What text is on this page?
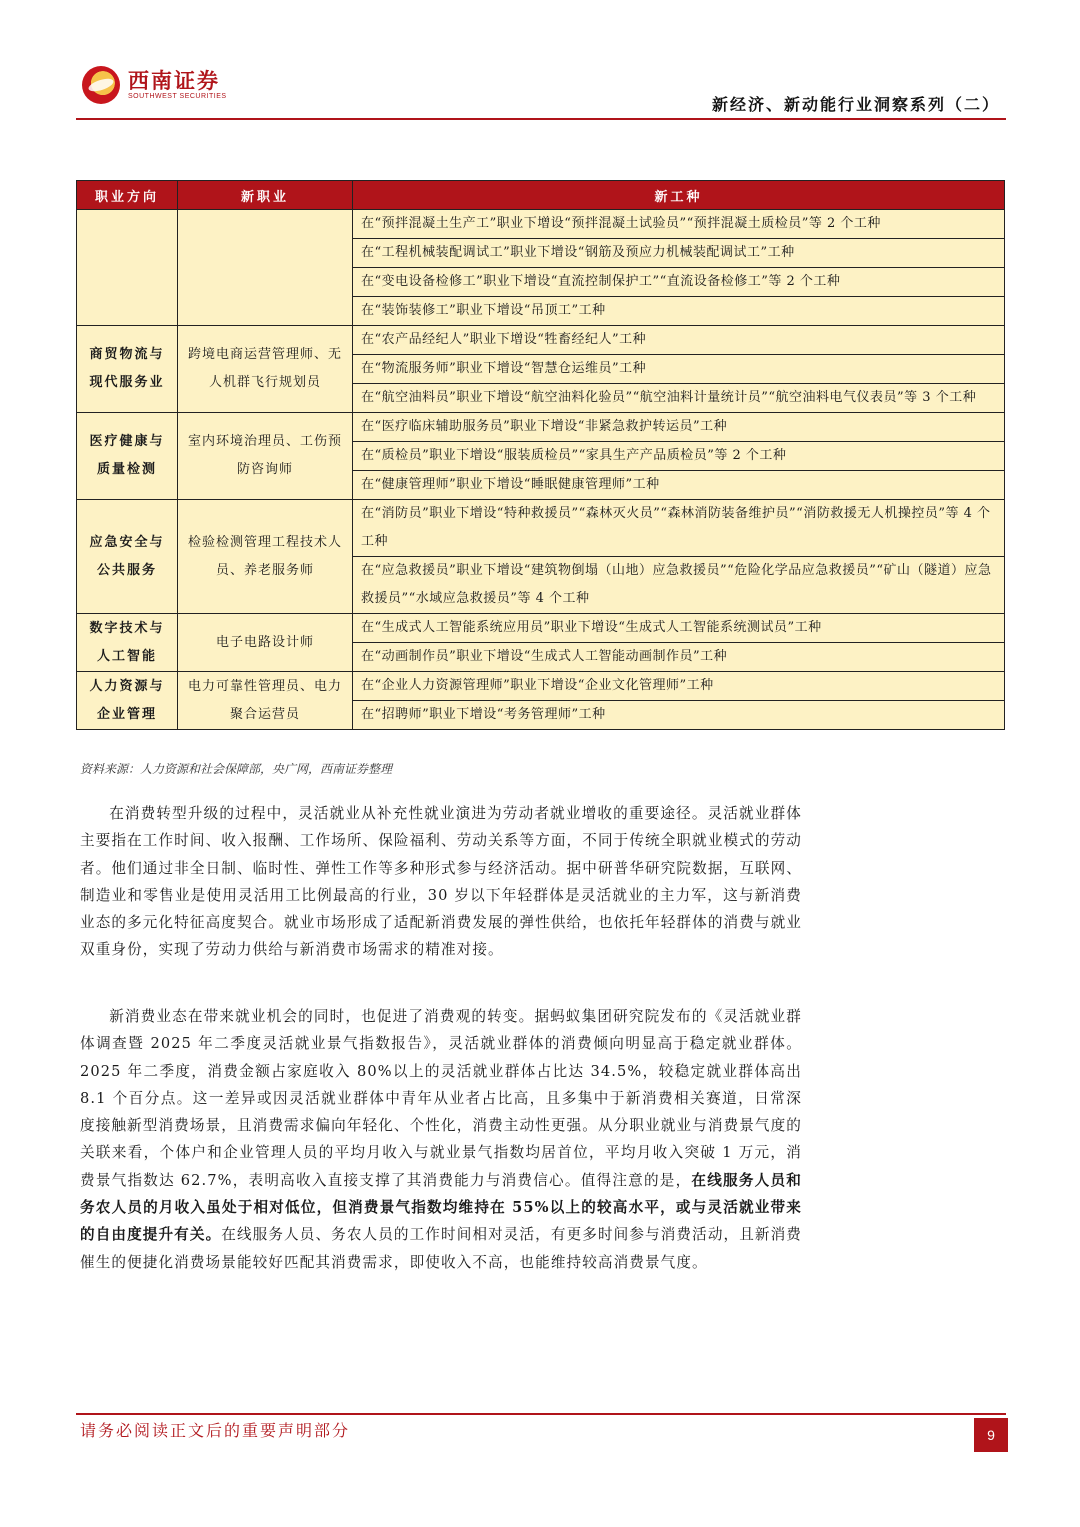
西南证券
SOUTHWEST SECURITIES	新经济、新动能行业洞察系列（二）
职业方向	新职业	新工种
		在“预拌混凝土生产工”职业下增设“预拌混凝土试验员”“预拌混凝土质检员”等 2 个工种
		在“工程机械装配调试工”职业下增设“钢筋及预应力机械装配调试工”工种
		在“变电设备检修工”职业下增设“直流控制保护工”“直流设备检修工”等 2 个工种
		在“装饰装修工”职业下增设“吊顶工”工种
商贸物流与现代服务业	跨境电商运营管理师、无人机群飞行规划员	在“农产品经纪人”职业下增设“牲畜经纪人”工种
		在“物流服务师”职业下增设“智慧仓运维员”工种
		在“航空油料员”职业下增设“航空油料化验员”“航空油料计量统计员”“航空油料电气仪表员”等 3 个工种
医疗健康与质量检测	室内环境治理员、工伤预防咨询师	在“医疗临床辅助服务员”职业下增设“非紧急救护转运员”工种
		在“质检员”职业下增设“服装质检员”“家具生产产品质检员”等 2 个工种
		在“健康管理师”职业下增设“睡眠健康管理师”工种
应急安全与公共服务	检验检测管理工程技术人员、养老服务师	在“消防员”职业下增设“特种救援员”“森林灭火员”“森林消防装备维护员”“消防救援无人机操控员”等 4 个工种
		在“应急救援员”职业下增设“建筑物倒塌（山地）应急救援员”“危险化学品应急救援员”“矿山（隧道）应急救援员”“水域应急救援员”等 4 个工种
数字技术与人工智能	电子电路设计师	在“生成式人工智能系统应用员”职业下增设“生成式人工智能系统测试员”工种
		在“动画制作员”职业下增设“生成式人工智能动画制作员”工种
人力资源与企业管理	电力可靠性管理员、电力聚合运营员	在“企业人力资源管理师”职业下增设“企业文化管理师”工种
		在“招聘师”职业下增设“考务管理师”工种
资料来源：人力资源和社会保障部，央广网，西南证券整理

在消费转型升级的过程中，灵活就业从补充性就业演进为劳动者就业增收的重要途径。灵活就业群体主要指在工作时间、收入报酬、工作场所、保险福利、劳动关系等方面，不同于传统全职就业模式的劳动者。他们通过非全日制、临时性、弹性工作等多种形式参与经济活动。据中研普华研究院数据，互联网、制造业和零售业是使用灵活用工比例最高的行业，30 岁以下年轻群体是灵活就业的主力军，这与新消费业态的多元化特征高度契合。就业市场形成了适配新消费发展的弹性供给，也依托年轻群体的消费与就业双重身份，实现了劳动力供给与新消费市场需求的精准对接。

新消费业态在带来就业机会的同时，也促进了消费观的转变。据蚂蚁集团研究院发布的《灵活就业群体调查暨 2025 年二季度灵活就业景气指数报告》，灵活就业群体的消费倾向明显高于稳定就业群体。2025 年二季度，消费金额占家庭收入 80%以上的灵活就业群体占比达 34.5%，较稳定就业群体高出 8.1 个百分点。这一差异或因灵活就业群体中青年从业者占比高，且多集中于新消费相关赛道，日常深度接触新型消费场景，且消费需求偏向年轻化、个性化，消费主动性更强。从分职业就业与消费景气度的关联来看，个体户和企业管理人员的平均月收入与就业景气指数均居首位，平均月收入突破 1 万元，消费景气指数达 62.7%，表明高收入直接支撑了其消费能力与消费信心。值得注意的是，在线服务人员和务农人员的月收入虽处于相对低位，但消费景气指数均维持在 55%以上的较高水平，或与灵活就业带来的自由度提升有关。在线服务人员、务农人员的工作时间相对灵活，有更多时间参与消费活动，且新消费催生的便捷化消费场景能较好匹配其消费需求，即使收入不高，也能维持较高消费景气度。

请务必阅读正文后的重要声明部分	9
